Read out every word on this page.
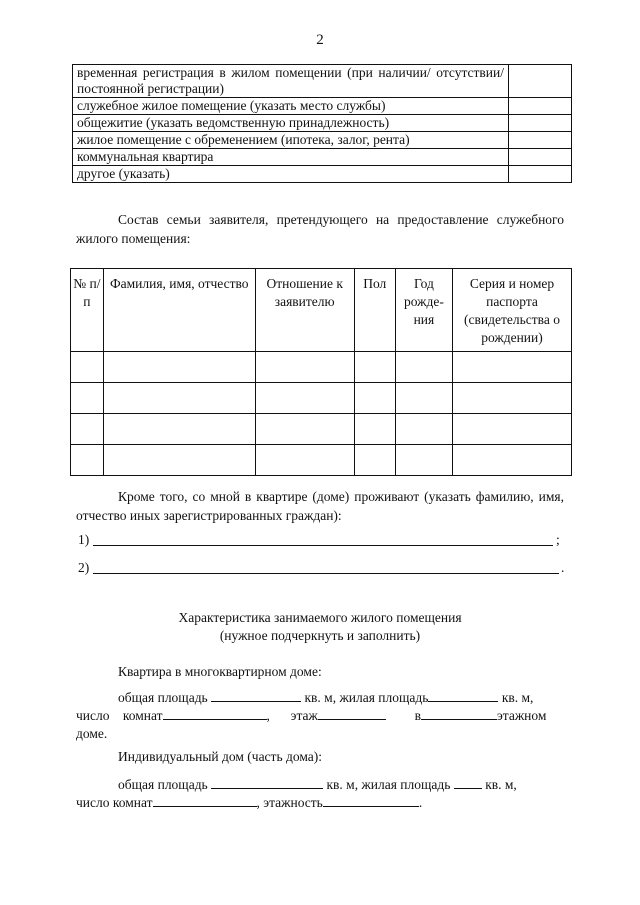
2
временная регистрация в жилом помещении (при наличии/ отсутствии/постоянной регистрации)	
служебное жилое помещение (указать место службы)	
общежитие (указать ведомственную принадлежность)	
жилое помещение с обременением (ипотека, залог, рента)	
коммунальная квартира	
другое (указать)	
Состав семьи заявителя, претендующего на предоставление служебного жилого помещения:
№ п/п	Фамилия, имя, отчество	Отношение к заявителю	Пол	Год рожде-ния	Серия и номер паспорта (свидетельства о рождении)

Кроме того, со мной в квартире (доме) проживают (указать фамилию, имя, отчество иных зарегистрированных граждан):
1)	;
2)	.
Характеристика занимаемого жилого помещения
(нужное подчеркнуть и заполнить)
Квартира в многоквартирном доме:
общая площадь	кв. м, жилая площадь	кв. м,
число комнат	, этаж	в	этажном
доме.
Индивидуальный дом (часть дома):
общая площадь	кв. м, жилая площадь	кв. м,
число комнат	, этажность	.
